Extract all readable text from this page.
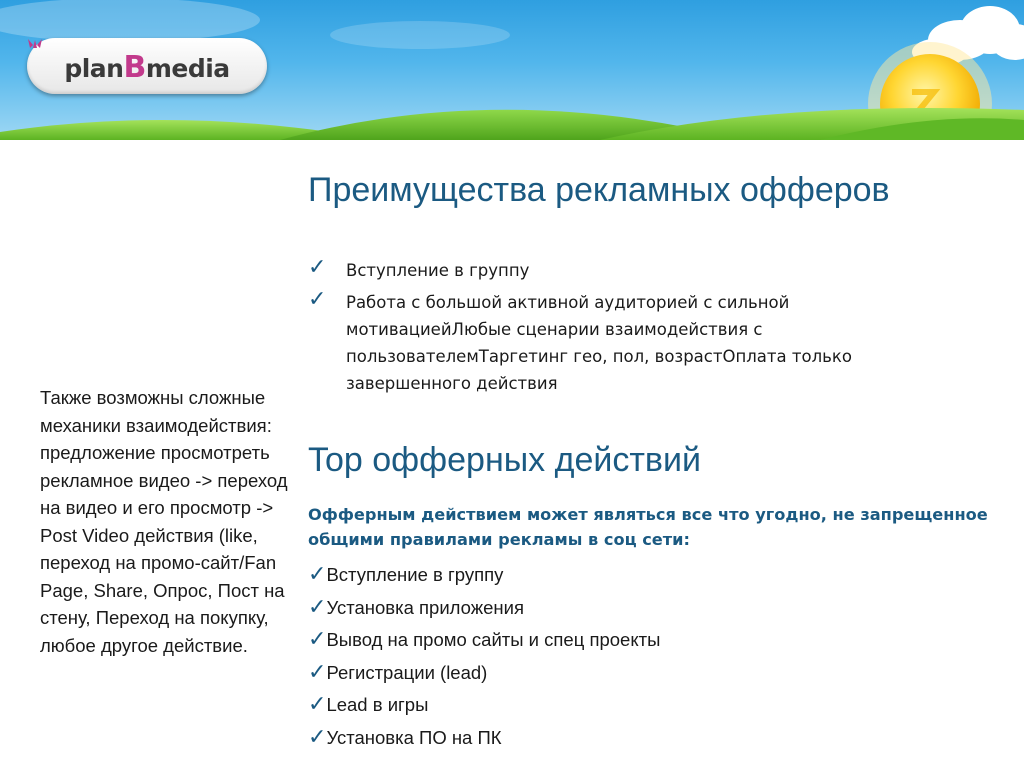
planBmedia
Преимущества рекламных офферов
✓ Вступление в группу
✓ Работа с большой активной аудиторией с сильной мотивациейЛюбые сценарии взаимодействия с пользователемТаргетинг гео, пол, возрастОплата только завершенного действия
Top офферных действий

Офферным действием может являться все что угодно, не запрещенное общими правилами рекламы в соц сети:

✓Вступление в группу
✓Установка приложения
✓Вывод на промо сайты и спец проекты
✓Регистрации (lead)
✓Lead в игры
✓Установка ПО на ПК

Также возможны сложные механики взаимодействия: предложение просмотреть рекламное видео -> переход на видео и его просмотр -> Post Video действия (like, переход на промо-сайт/Fan Page, Share, Опрос, Пост на стену, Переход на покупку, любое другое действие.
